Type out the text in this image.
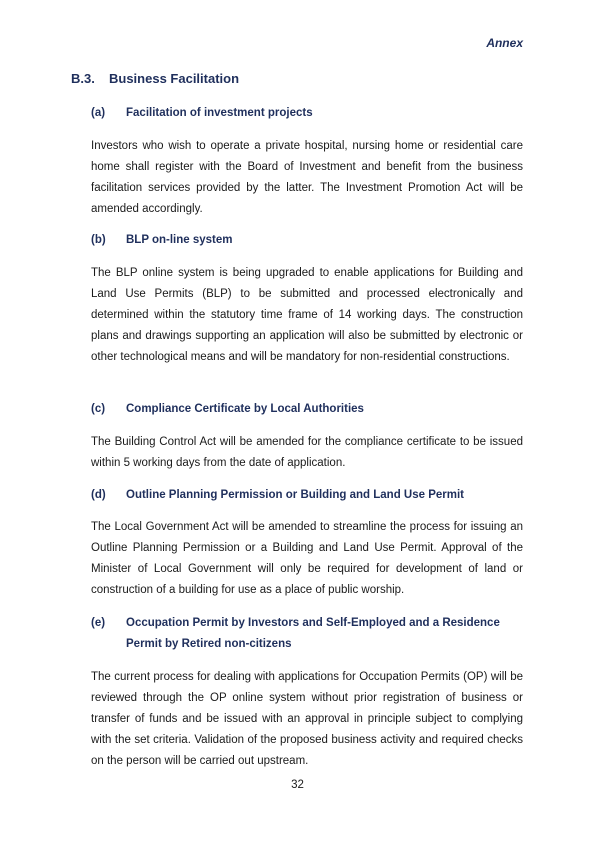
Annex
B.3. Business Facilitation
(a) Facilitation of investment projects
Investors who wish to operate a private hospital, nursing home or residential care home shall register with the Board of Investment and benefit from the business facilitation services provided by the latter. The Investment Promotion Act will be amended accordingly.
(b) BLP on-line system
The BLP online system is being upgraded to enable applications for Building and Land Use Permits (BLP) to be submitted and processed electronically and determined within the statutory time frame of 14 working days. The construction plans and drawings supporting an application will also be submitted by electronic or other technological means and will be mandatory for non-residential constructions.
(c) Compliance Certificate by Local Authorities
The Building Control Act will be amended for the compliance certificate to be issued within 5 working days from the date of application.
(d) Outline Planning Permission or Building and Land Use Permit
The Local Government Act will be amended to streamline the process for issuing an Outline Planning Permission or a Building and Land Use Permit. Approval of the Minister of Local Government will only be required for development of land or construction of a building for use as a place of public worship.
(e) Occupation Permit by Investors and Self-Employed and a Residence Permit by Retired non-citizens
The current process for dealing with applications for Occupation Permits (OP) will be reviewed through the OP online system without prior registration of business or transfer of funds and be issued with an approval in principle subject to complying with the set criteria. Validation of the proposed business activity and required checks on the person will be carried out upstream.
32
